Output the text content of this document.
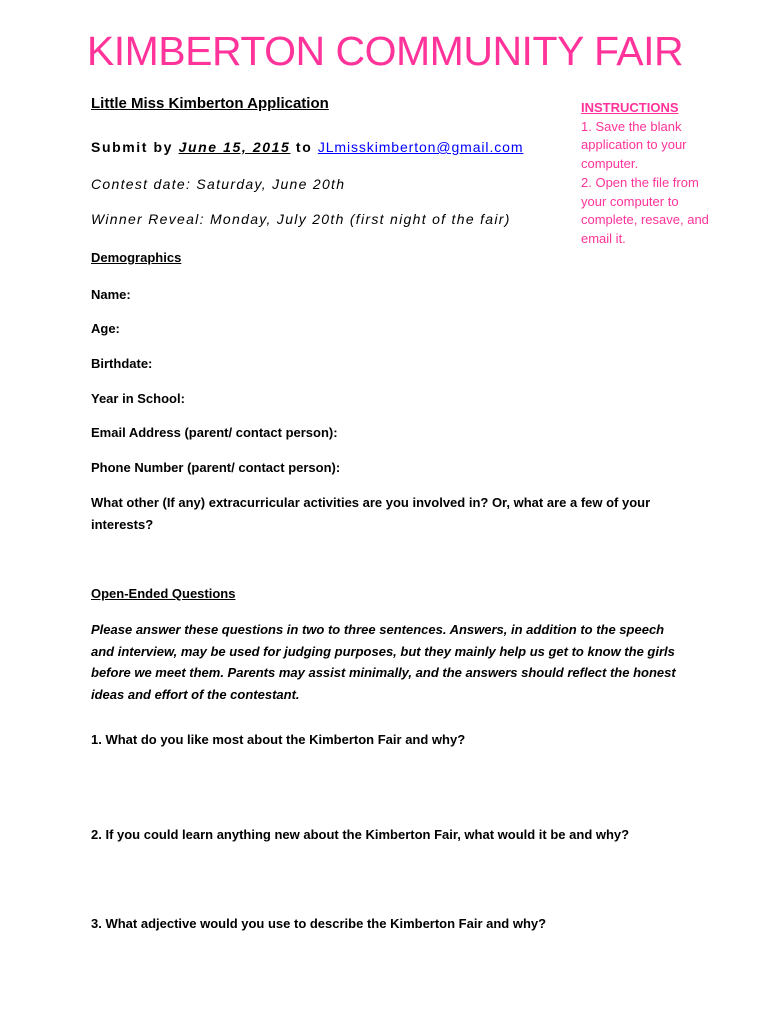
KIMBERTON COMMUNITY FAIR
Little Miss Kimberton Application
Submit by June 15, 2015 to JLmisskimberton@gmail.com
Contest date: Saturday, June 20th
Winner Reveal: Monday, July 20th (first night of the fair)
INSTRUCTIONS
1. Save the blank application to your computer.
2. Open the file from your computer to complete, resave, and email it.
Demographics
Name:
Age:
Birthdate:
Year in School:
Email Address (parent/ contact person):
Phone Number (parent/ contact person):
What other (If any) extracurricular activities are you involved in? Or, what are a few of your interests?
Open-Ended Questions
Please answer these questions in two to three sentences. Answers, in addition to the speech and interview, may be used for judging purposes, but they mainly help us get to know the girls before we meet them. Parents may assist minimally, and the answers should reflect the honest ideas and effort of the contestant.
1. What do you like most about the Kimberton Fair and why?
2. If you could learn anything new about the Kimberton Fair, what would it be and why?
3. What adjective would you use to describe the Kimberton Fair and why?
